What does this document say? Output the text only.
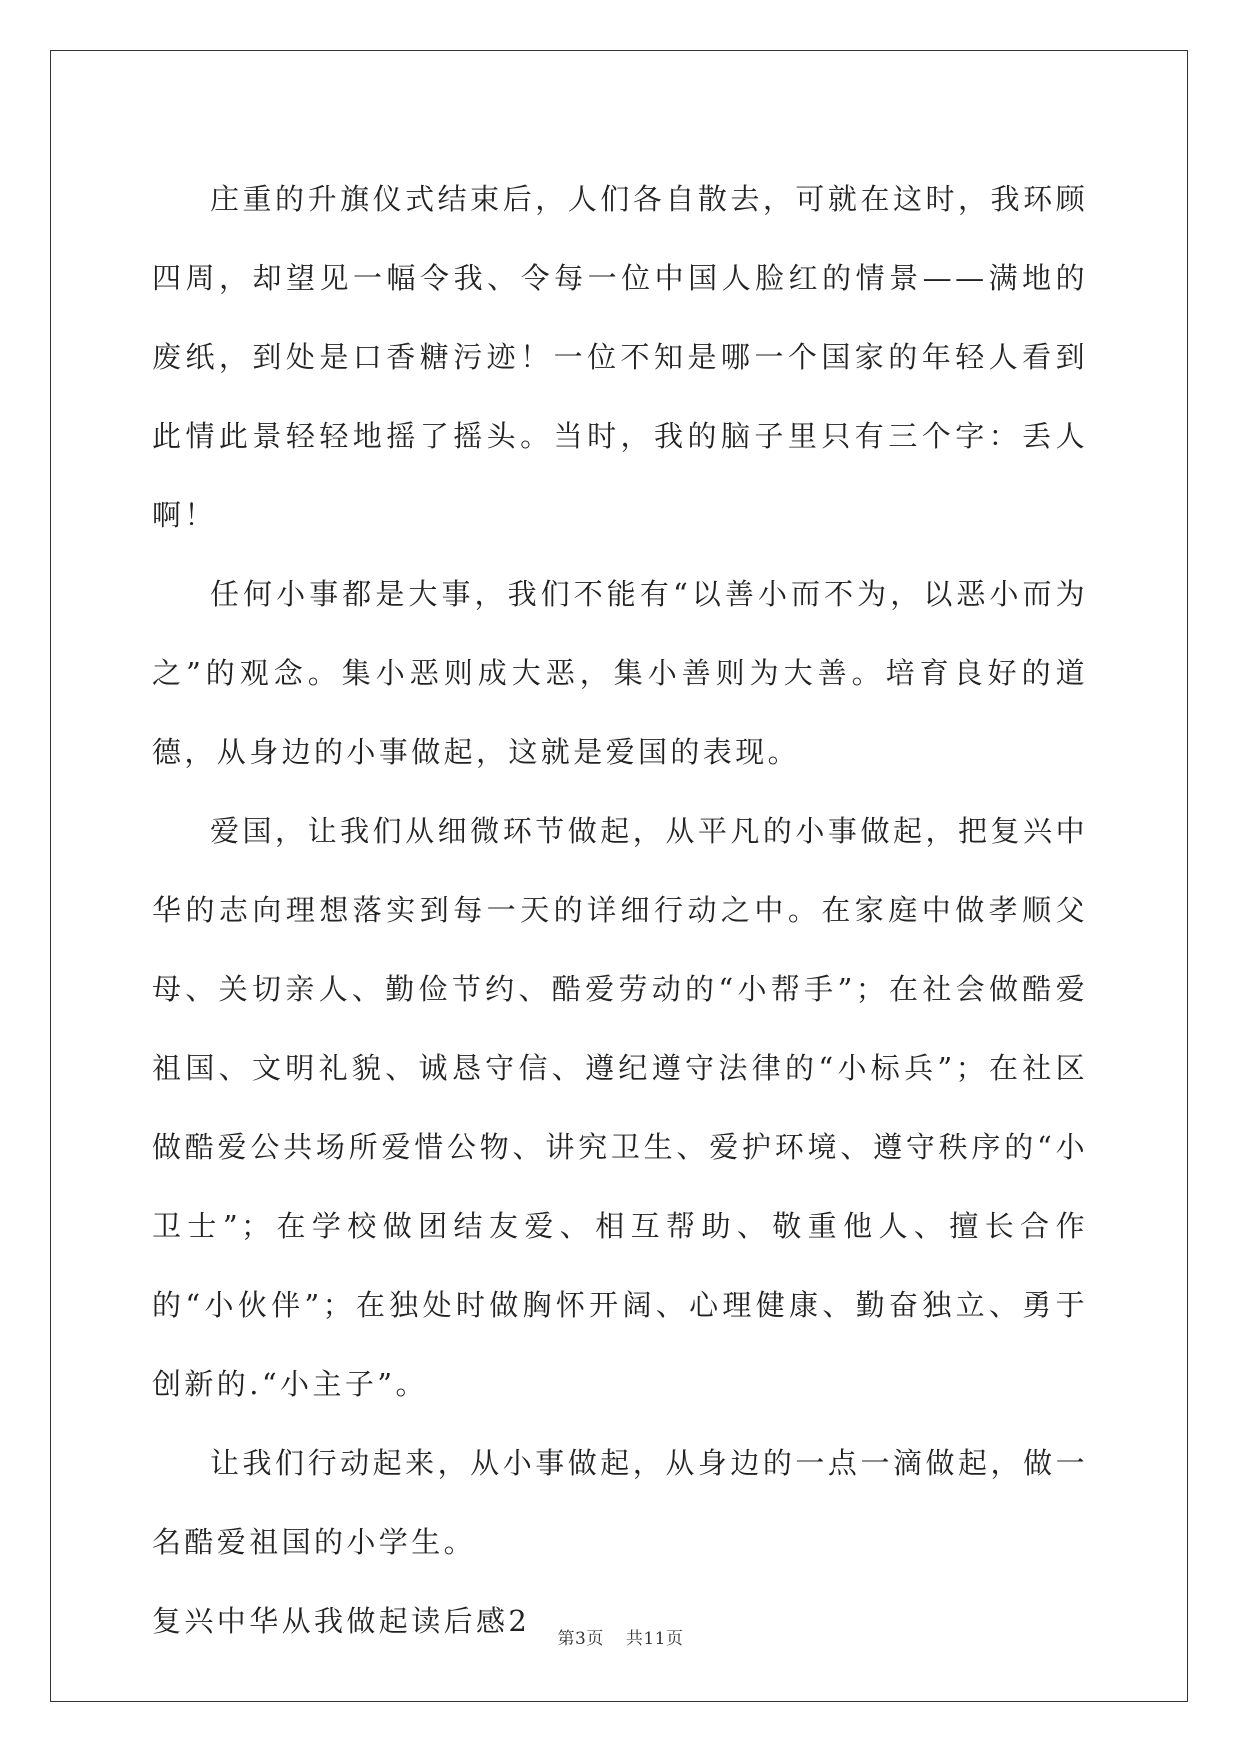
庄重的升旗仪式结束后，人们各自散去，可就在这时，我环顾四周，却望见一幅令我、令每一位中国人脸红的情景——满地的废纸，到处是口香糖污迹！一位不知是哪一个国家的年轻人看到此情此景轻轻地摇了摇头。当时，我的脑子里只有三个字：丢人啊！

任何小事都是大事，我们不能有“以善小而不为，以恶小而为之”的观念。集小恶则成大恶，集小善则为大善。培育良好的道德，从身边的小事做起，这就是爱国的表现。

爱国，让我们从细微环节做起，从平凡的小事做起，把复兴中华的志向理想落实到每一天的详细行动之中。在家庭中做孝顺父母、关切亲人、勤俭节约、酷爱劳动的“小帮手”；在社会做酷爱祖国、文明礼貌、诚恳守信、遵纪遵守法律的“小标兵”；在社区做酷爱公共场所爱惜公物、讲究卫生、爱护环境、遵守秩序的“小卫士”；在学校做团结友爱、相互帮助、敬重他人、擅长合作的“小伙伴”；在独处时做胸怀开阔、心理健康、勤奋独立、勇于创新的.“小主子”。

让我们行动起来，从小事做起，从身边的一点一滴做起，做一名酷爱祖国的小学生。

复兴中华从我做起读后感2

第3页 共11页
